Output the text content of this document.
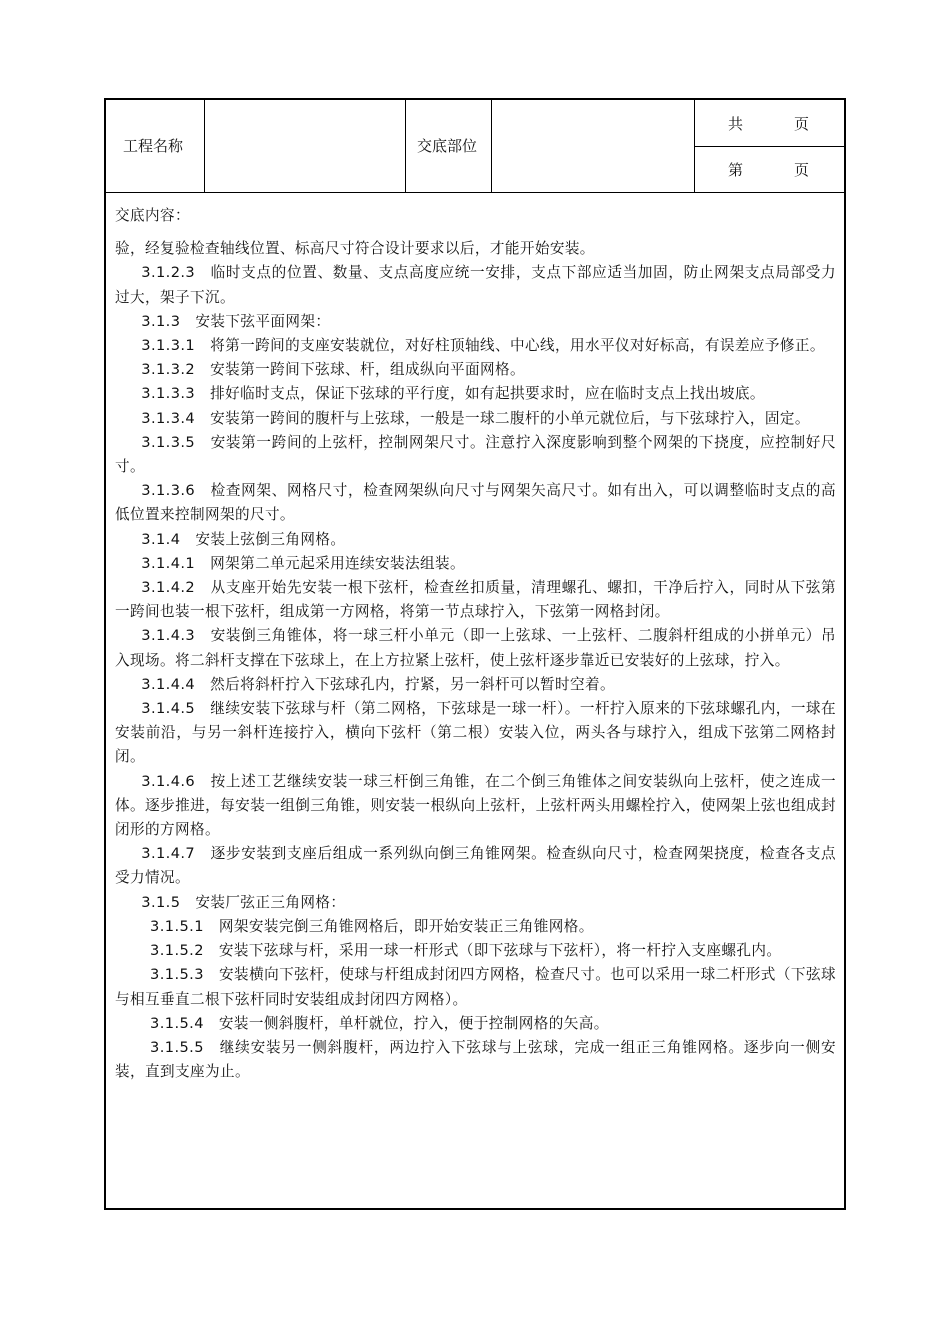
工程名称	交底部位
共	页
第	页

交底内容：

验，经复验检查轴线位置、标高尺寸符合设计要求以后，才能开始安装。

3.1.2.3　临时支点的位置、数量、支点高度应统一安排，支点下部应适当加固，防止网架支点局部受力过大，架子下沉。

3.1.3　安装下弦平面网架：

3.1.3.1　将第一跨间的支座安装就位，对好柱顶轴线、中心线，用水平仪对好标高，有误差应予修正。

3.1.3.2　安装第一跨间下弦球、杆，组成纵向平面网格。

3.1.3.3　排好临时支点，保证下弦球的平行度，如有起拱要求时，应在临时支点上找出坡底。

3.1.3.4　安装第一跨间的腹杆与上弦球，一般是一球二腹杆的小单元就位后，与下弦球拧入，固定。

3.1.3.5　安装第一跨间的上弦杆，控制网架尺寸。注意拧入深度影响到整个网架的下挠度，应控制好尺寸。

3.1.3.6　检查网架、网格尺寸，检查网架纵向尺寸与网架矢高尺寸。如有出入，可以调整临时支点的高低位置来控制网架的尺寸。

3.1.4　安装上弦倒三角网格。

3.1.4.1　网架第二单元起采用连续安装法组装。

3.1.4.2　从支座开始先安装一根下弦杆，检查丝扣质量，清理螺孔、螺扣，干净后拧入，同时从下弦第一跨间也装一根下弦杆，组成第一方网格，将第一节点球拧入，下弦第一网格封闭。

3.1.4.3　安装倒三角锥体，将一球三杆小单元（即一上弦球、一上弦杆、二腹斜杆组成的小拼单元）吊入现场。将二斜杆支撑在下弦球上，在上方拉紧上弦杆，使上弦杆逐步靠近已安装好的上弦球，拧入。

3.1.4.4　然后将斜杆拧入下弦球孔内，拧紧，另一斜杆可以暂时空着。

3.1.4.5　继续安装下弦球与杆（第二网格，下弦球是一球一杆）。一杆拧入原来的下弦球螺孔内，一球在安装前沿，与另一斜杆连接拧入，横向下弦杆（第二根）安装入位，两头各与球拧入，组成下弦第二网格封闭。

3.1.4.6　按上述工艺继续安装一球三杆倒三角锥，在二个倒三角锥体之间安装纵向上弦杆，使之连成一体。逐步推进，每安装一组倒三角锥，则安装一根纵向上弦杆，上弦杆两头用螺栓拧入，使网架上弦也组成封闭形的方网格。

3.1.4.7　逐步安装到支座后组成一系列纵向倒三角锥网架。检查纵向尺寸，检查网架挠度，检查各支点受力情况。

3.1.5　安装厂弦正三角网格：

3.1.5.1　网架安装完倒三角锥网格后，即开始安装正三角锥网格。

3.1.5.2　安装下弦球与杆，采用一球一杆形式（即下弦球与下弦杆），将一杆拧入支座螺孔内。

3.1.5.3　安装横向下弦杆，使球与杆组成封闭四方网格，检查尺寸。也可以采用一球二杆形式（下弦球与相互垂直二根下弦杆同时安装组成封闭四方网格）。

3.1.5.4　安装一侧斜腹杆，单杆就位，拧入，便于控制网格的矢高。

3.1.5.5　继续安装另一侧斜腹杆，两边拧入下弦球与上弦球，完成一组正三角锥网格。逐步向一侧安装，直到支座为止。
